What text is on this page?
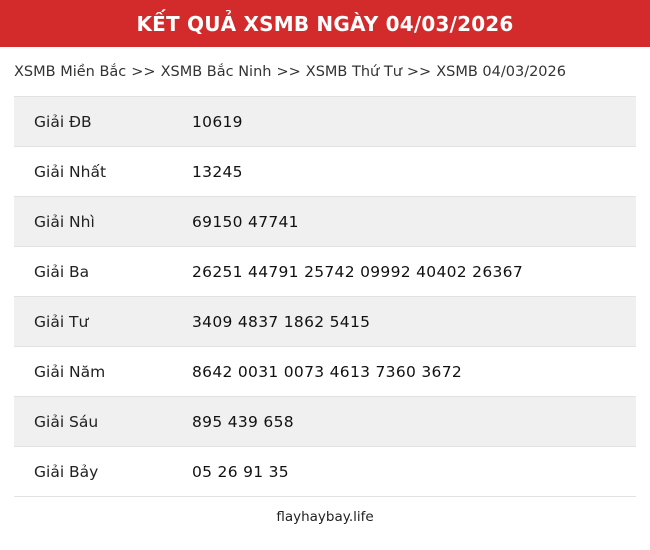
KẾT QUẢ XSMB NGÀY 04/03/2026
XSMB Miền Bắc >> XSMB Bắc Ninh >> XSMB Thứ Tư >> XSMB 04/03/2026
Giải ĐB	10619
Giải Nhất	13245
Giải Nhì	69150 47741
Giải Ba	26251 44791 25742 09992 40402 26367
Giải Tư	3409 4837 1862 5415
Giải Năm	8642 0031 0073 4613 7360 3672
Giải Sáu	895 439 658
Giải Bảy	05 26 91 35
flayhaybay.life
